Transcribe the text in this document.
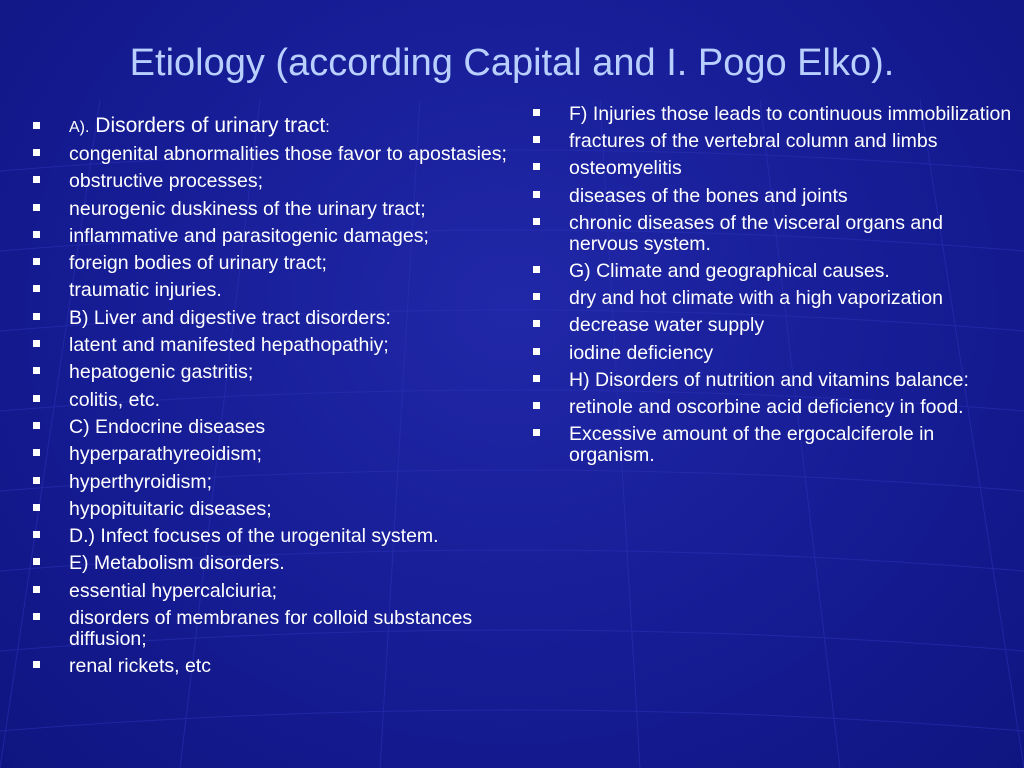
Etiology (according Capital and I. Pogo Elko).
A). Disorders of urinary tract:
congenital abnormalities those favor to apostasies;
obstructive processes;
neurogenic duskiness of the urinary tract;
inflammative and parasitogenic damages;
foreign bodies of urinary tract;
traumatic injuries.
B) Liver and digestive tract disorders:
latent and manifested hepathopathiy;
hepatogenic gastritis;
colitis, etc.
C) Endocrine diseases
hyperparathyreoidism;
hyperthyroidism;
hypopituitaric diseases;
D.) Infect focuses of the urogenital system.
E) Metabolism disorders.
essential hypercalciuria;
disorders of membranes for colloid substances diffusion;
renal rickets, etc
F) Injuries those leads to continuous immobilization
fractures of the vertebral column and limbs
osteomyelitis
diseases of the bones and joints
chronic diseases of the visceral organs and nervous system.
G) Climate and geographical causes.
dry and hot climate with a high vaporization
decrease water supply
iodine deficiency
H) Disorders of nutrition and vitamins balance:
retinole and oscorbine acid deficiency in food.
Excessive amount of the ergocalciferole in organism.
